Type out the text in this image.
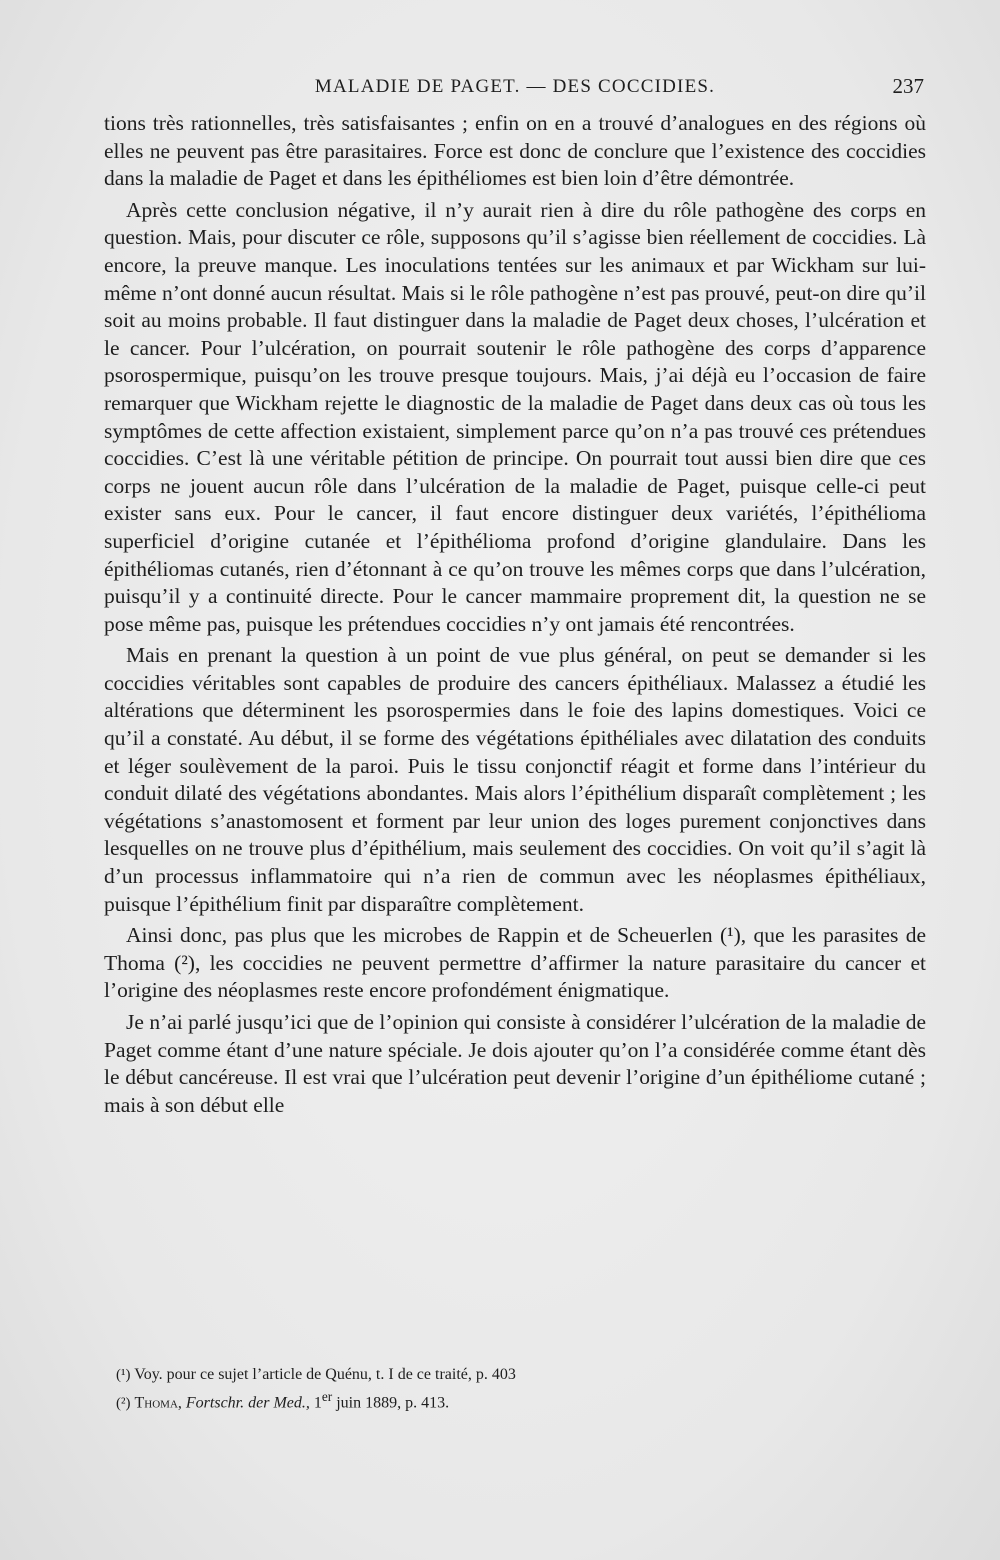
MALADIE DE PAGET. — DES COCCIDIES.	237

tions très rationnelles, très satisfaisantes ; enfin on en a trouvé d’analogues en des régions où elles ne peuvent pas être parasitaires. Force est donc de conclure que l’existence des coccidies dans la maladie de Paget et dans les épithéliomes est bien loin d’être démontrée.

Après cette conclusion négative, il n’y aurait rien à dire du rôle pathogène des corps en question. Mais, pour discuter ce rôle, supposons qu’il s’agisse bien réellement de coccidies. Là encore, la preuve manque. Les inoculations tentées sur les animaux et par Wickham sur lui-même n’ont donné aucun résultat. Mais si le rôle pathogène n’est pas prouvé, peut-on dire qu’il soit au moins probable. Il faut distinguer dans la maladie de Paget deux choses, l’ulcération et le cancer. Pour l’ulcération, on pourrait soutenir le rôle pathogène des corps d’apparence psorospermique, puisqu’on les trouve presque toujours. Mais, j’ai déjà eu l’occasion de faire remarquer que Wickham rejette le diagnostic de la maladie de Paget dans deux cas où tous les symptômes de cette affection existaient, simplement parce qu’on n’a pas trouvé ces prétendues coccidies. C’est là une véritable pétition de principe. On pourrait tout aussi bien dire que ces corps ne jouent aucun rôle dans l’ulcération de la maladie de Paget, puisque celle-ci peut exister sans eux. Pour le cancer, il faut encore distinguer deux variétés, l’épithélioma superficiel d’origine cutanée et l’épithélioma profond d’origine glandulaire. Dans les épithéliomas cutanés, rien d’étonnant à ce qu’on trouve les mêmes corps que dans l’ulcération, puisqu’il y a continuité directe. Pour le cancer mammaire proprement dit, la question ne se pose même pas, puisque les prétendues coccidies n’y ont jamais été rencontrées.

Mais en prenant la question à un point de vue plus général, on peut se demander si les coccidies véritables sont capables de produire des cancers épithéliaux. Malassez a étudié les altérations que déterminent les psorospermies dans le foie des lapins domestiques. Voici ce qu’il a constaté. Au début, il se forme des végétations épithéliales avec dilatation des conduits et léger soulèvement de la paroi. Puis le tissu conjonctif réagit et forme dans l’intérieur du conduit dilaté des végétations abondantes. Mais alors l’épithélium disparaît complètement ; les végétations s’anastomosent et forment par leur union des loges purement conjonctives dans lesquelles on ne trouve plus d’épithélium, mais seulement des coccidies. On voit qu’il s’agit là d’un processus inflammatoire qui n’a rien de commun avec les néoplasmes épithéliaux, puisque l’épithélium finit par disparaître complètement.

Ainsi donc, pas plus que les microbes de Rappin et de Scheuerlen (¹), que les parasites de Thoma (²), les coccidies ne peuvent permettre d’affirmer la nature parasitaire du cancer et l’origine des néoplasmes reste encore profondément énigmatique.

Je n’ai parlé jusqu’ici que de l’opinion qui consiste à considérer l’ulcération de la maladie de Paget comme étant d’une nature spéciale. Je dois ajouter qu’on l’a considérée comme étant dès le début cancéreuse. Il est vrai que l’ulcération peut devenir l’origine d’un épithéliome cutané ; mais à son début elle

(¹) Voy. pour ce sujet l’article de Quénu, t. I de ce traité, p. 403

(²) Thoma, Fortschr. der Med., 1er juin 1889, p. 413.
